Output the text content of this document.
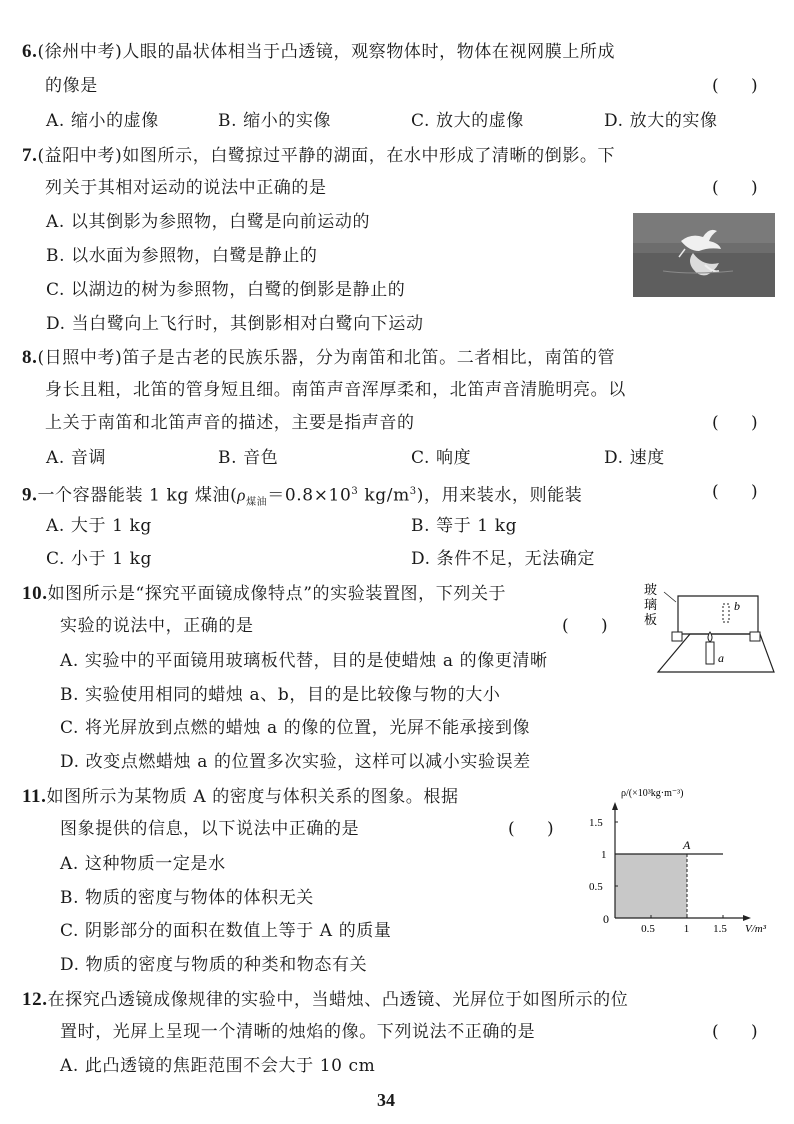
6.(徐州中考)人眼的晶状体相当于凸透镜，观察物体时，物体在视网膜上所成
的像是	(      )
A. 缩小的虚像	B. 缩小的实像	C. 放大的虚像	D. 放大的实像
7.(益阳中考)如图所示，白鹭掠过平静的湖面，在水中形成了清晰的倒影。下
列关于其相对运动的说法中正确的是	(      )
A. 以其倒影为参照物，白鹭是向前运动的
B. 以水面为参照物，白鹭是静止的
C. 以湖边的树为参照物，白鹭的倒影是静止的
D. 当白鹭向上飞行时，其倒影相对白鹭向下运动
8.(日照中考)笛子是古老的民族乐器，分为南笛和北笛。二者相比，南笛的管
身长且粗，北笛的管身短且细。南笛声音浑厚柔和，北笛声音清脆明亮。以
上关于南笛和北笛声音的描述，主要是指声音的	(      )
A. 音调	B. 音色	C. 响度	D. 速度
9.一个容器能装 1 kg 煤油($\rho_{煤油}=0.8\times 10^3$ $kg/m^3$)，用来装水，则能装	(      )
A. 大于 1 kg	B. 等于 1 kg
C. 小于 1 kg	D. 条件不足，无法确定
10.如图所示是“探究平面镜成像特点”的实验装置图，下列关于
实验的说法中，正确的是	(      )
A. 实验中的平面镜用玻璃板代替，目的是使蜡烛 a 的像更清晰
B. 实验使用相同的蜡烛 a、b，目的是比较像与物的大小
C. 将光屏放到点燃的蜡烛 a 的像的位置，光屏不能承接到像
D. 改变点燃蜡烛 a 的位置多次实验，这样可以减小实验误差
玻
璃
板
b
a
11.如图所示为某物质 A 的密度与体积关系的图象。根据
图象提供的信息，以下说法中正确的是	(      )
A. 这种物质一定是水
B. 物质的密度与物体的体积无关
C. 阴影部分的面积在数值上等于 A 的质量
D. 物质的密度与物质的种类和物态有关
ρ/(×10³kg·m⁻³)
V/m³
0
0.5	1 1.5
0.5
1
1.5
A
12.在探究凸透镜成像规律的实验中，当蜡烛、凸透镜、光屏位于如图所示的位
置时，光屏上呈现一个清晰的烛焰的像。下列说法不正确的是	(      )
A. 此凸透镜的焦距范围不会大于 10 cm
34
